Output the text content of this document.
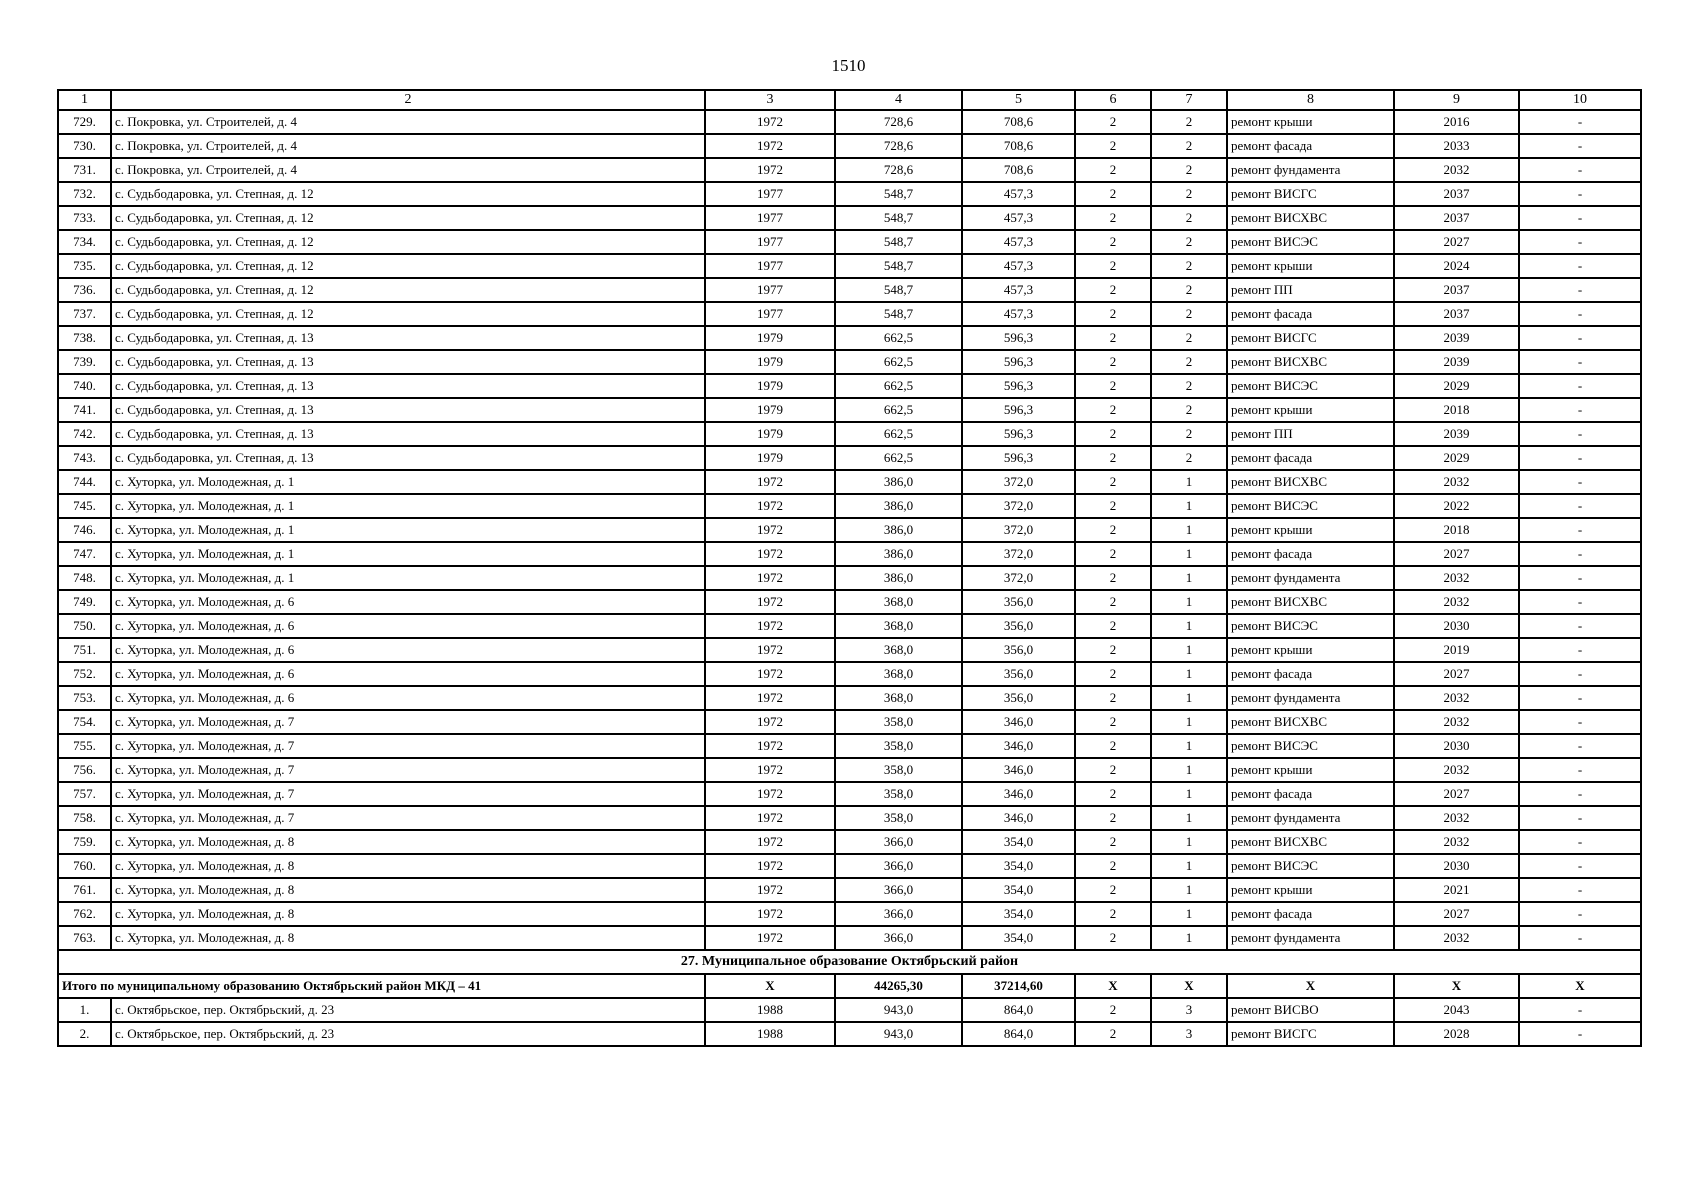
1510
1	2	3	4	5	6	7	8	9	10
729.	с. Покровка, ул. Строителей, д. 4	1972	728,6	708,6	2	2	ремонт крыши	2016	-
730.	с. Покровка, ул. Строителей, д. 4	1972	728,6	708,6	2	2	ремонт фасада	2033	-
731.	с. Покровка, ул. Строителей, д. 4	1972	728,6	708,6	2	2	ремонт фундамента	2032	-
732.	с. Судьбодаровка, ул. Степная, д. 12	1977	548,7	457,3	2	2	ремонт ВИСГС	2037	-
733.	с. Судьбодаровка, ул. Степная, д. 12	1977	548,7	457,3	2	2	ремонт ВИСХВС	2037	-
734.	с. Судьбодаровка, ул. Степная, д. 12	1977	548,7	457,3	2	2	ремонт ВИСЭС	2027	-
735.	с. Судьбодаровка, ул. Степная, д. 12	1977	548,7	457,3	2	2	ремонт крыши	2024	-
736.	с. Судьбодаровка, ул. Степная, д. 12	1977	548,7	457,3	2	2	ремонт ПП	2037	-
737.	с. Судьбодаровка, ул. Степная, д. 12	1977	548,7	457,3	2	2	ремонт фасада	2037	-
738.	с. Судьбодаровка, ул. Степная, д. 13	1979	662,5	596,3	2	2	ремонт ВИСГС	2039	-
739.	с. Судьбодаровка, ул. Степная, д. 13	1979	662,5	596,3	2	2	ремонт ВИСХВС	2039	-
740.	с. Судьбодаровка, ул. Степная, д. 13	1979	662,5	596,3	2	2	ремонт ВИСЭС	2029	-
741.	с. Судьбодаровка, ул. Степная, д. 13	1979	662,5	596,3	2	2	ремонт крыши	2018	-
742.	с. Судьбодаровка, ул. Степная, д. 13	1979	662,5	596,3	2	2	ремонт ПП	2039	-
743.	с. Судьбодаровка, ул. Степная, д. 13	1979	662,5	596,3	2	2	ремонт фасада	2029	-
744.	с. Хуторка, ул. Молодежная, д. 1	1972	386,0	372,0	2	1	ремонт ВИСХВС	2032	-
745.	с. Хуторка, ул. Молодежная, д. 1	1972	386,0	372,0	2	1	ремонт ВИСЭС	2022	-
746.	с. Хуторка, ул. Молодежная, д. 1	1972	386,0	372,0	2	1	ремонт крыши	2018	-
747.	с. Хуторка, ул. Молодежная, д. 1	1972	386,0	372,0	2	1	ремонт фасада	2027	-
748.	с. Хуторка, ул. Молодежная, д. 1	1972	386,0	372,0	2	1	ремонт фундамента	2032	-
749.	с. Хуторка, ул. Молодежная, д. 6	1972	368,0	356,0	2	1	ремонт ВИСХВС	2032	-
750.	с. Хуторка, ул. Молодежная, д. 6	1972	368,0	356,0	2	1	ремонт ВИСЭС	2030	-
751.	с. Хуторка, ул. Молодежная, д. 6	1972	368,0	356,0	2	1	ремонт крыши	2019	-
752.	с. Хуторка, ул. Молодежная, д. 6	1972	368,0	356,0	2	1	ремонт фасада	2027	-
753.	с. Хуторка, ул. Молодежная, д. 6	1972	368,0	356,0	2	1	ремонт фундамента	2032	-
754.	с. Хуторка, ул. Молодежная, д. 7	1972	358,0	346,0	2	1	ремонт ВИСХВС	2032	-
755.	с. Хуторка, ул. Молодежная, д. 7	1972	358,0	346,0	2	1	ремонт ВИСЭС	2030	-
756.	с. Хуторка, ул. Молодежная, д. 7	1972	358,0	346,0	2	1	ремонт крыши	2032	-
757.	с. Хуторка, ул. Молодежная, д. 7	1972	358,0	346,0	2	1	ремонт фасада	2027	-
758.	с. Хуторка, ул. Молодежная, д. 7	1972	358,0	346,0	2	1	ремонт фундамента	2032	-
759.	с. Хуторка, ул. Молодежная, д. 8	1972	366,0	354,0	2	1	ремонт ВИСХВС	2032	-
760.	с. Хуторка, ул. Молодежная, д. 8	1972	366,0	354,0	2	1	ремонт ВИСЭС	2030	-
761.	с. Хуторка, ул. Молодежная, д. 8	1972	366,0	354,0	2	1	ремонт крыши	2021	-
762.	с. Хуторка, ул. Молодежная, д. 8	1972	366,0	354,0	2	1	ремонт фасада	2027	-
763.	с. Хуторка, ул. Молодежная, д. 8	1972	366,0	354,0	2	1	ремонт фундамента	2032	-
27. Муниципальное образование Октябрьский район									
Итого по муниципальному образованию Октябрьский район МКД – 41		X	44265,30	37214,60	X	X	X	X	X
1.	с. Октябрьское, пер. Октябрьский, д. 23	1988	943,0	864,0	2	3	ремонт ВИСВО	2043	-
2.	с. Октябрьское, пер. Октябрьский, д. 23	1988	943,0	864,0	2	3	ремонт ВИСГС	2028	-
